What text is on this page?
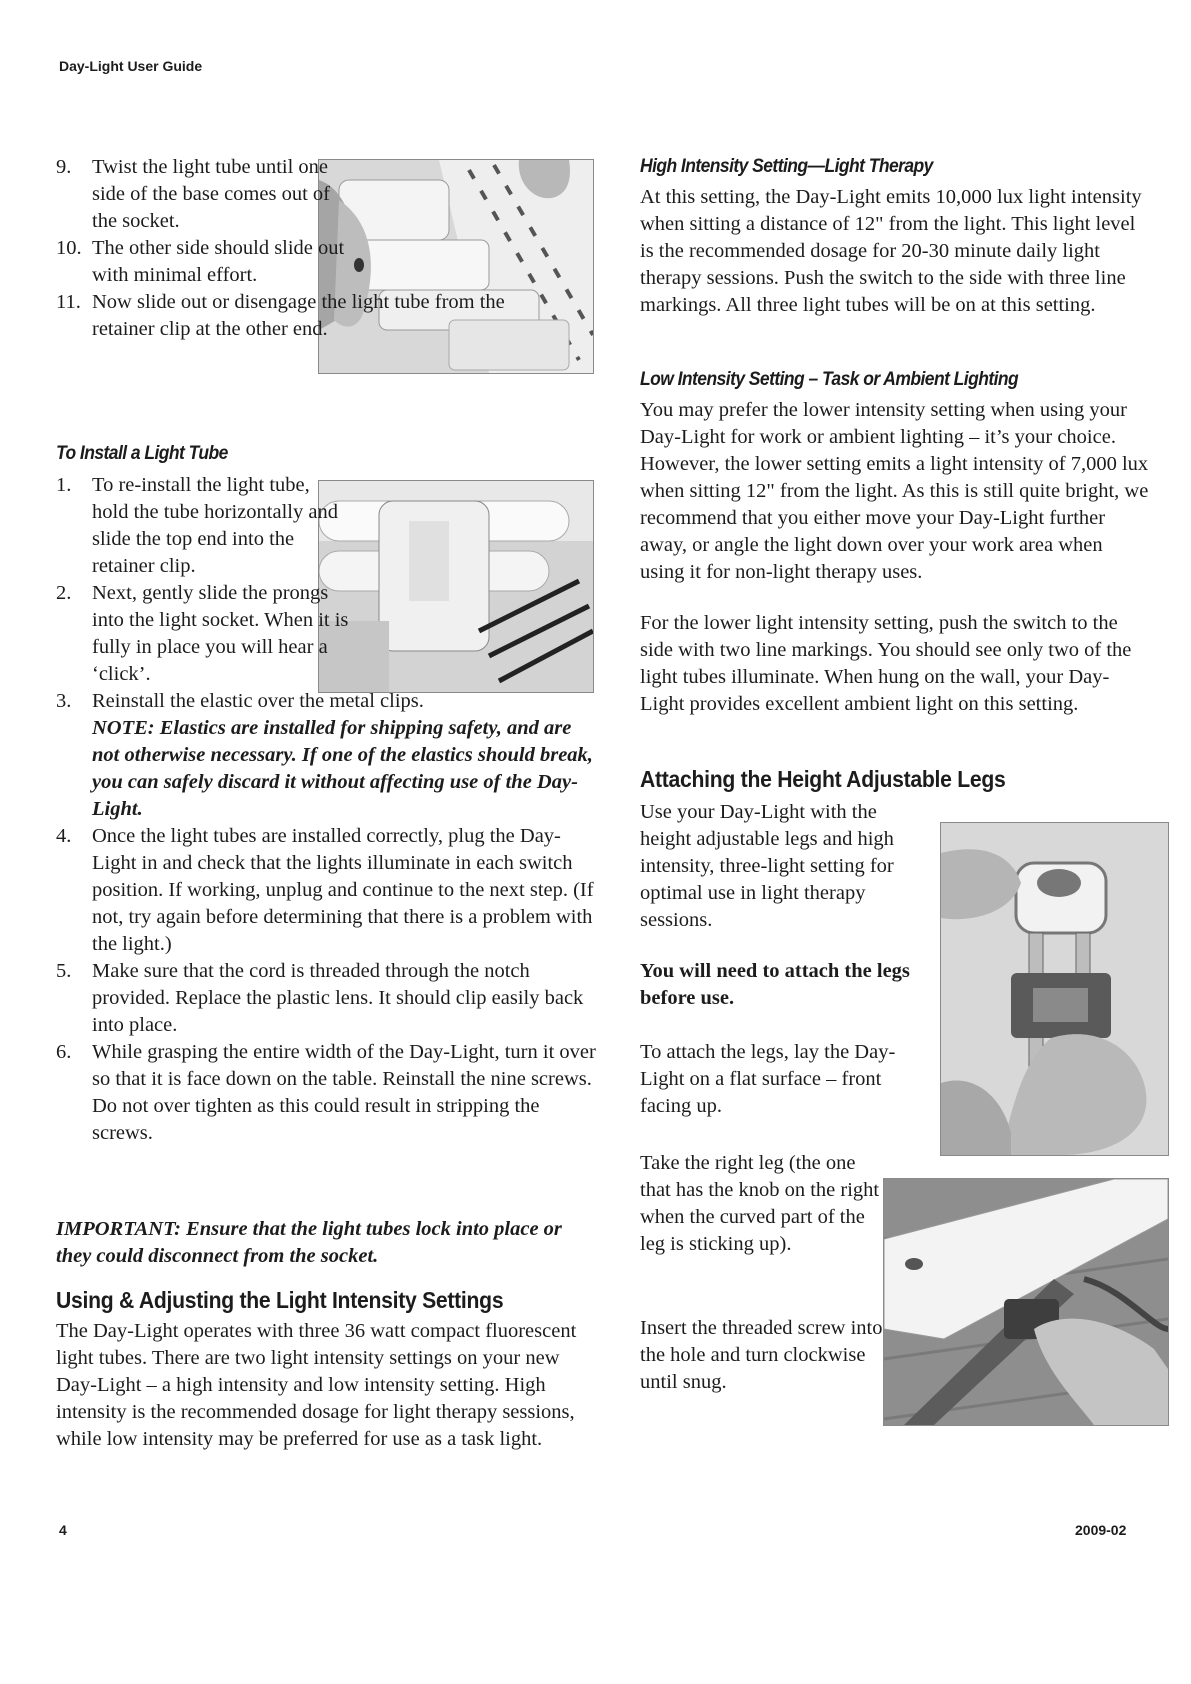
Day-Light User Guide
9. Twist the light tube until one side of the base comes out of the socket.
10. The other side should slide out with minimal effort.
11. Now slide out or disengage the light tube from the retainer clip at the other end.
To Install a Light Tube
1. To re-install the light tube, hold the tube horizontally and slide the top end into the retainer clip.
2. Next, gently slide the prongs into the light socket. When it is fully in place you will hear a ‘click’.
3. Reinstall the elastic over the metal clips.
NOTE: Elastics are installed for shipping safety, and are not otherwise necessary. If one of the elastics should break, you can safely discard it without affecting use of the Day-Light.
4. Once the light tubes are installed correctly, plug the Day-Light in and check that the lights illuminate in each switch position. If working, unplug and continue to the next step. (If not, try again before determining that there is a problem with the light.)
5. Make sure that the cord is threaded through the notch provided. Replace the plastic lens. It should clip easily back into place.
6. While grasping the entire width of the Day-Light, turn it over so that it is face down on the table. Reinstall the nine screws. Do not over tighten as this could result in stripping the screws.

IMPORTANT: Ensure that the light tubes lock into place or they could disconnect from the socket.

Using & Adjusting the Light Intensity Settings

The Day-Light operates with three 36 watt compact fluorescent light tubes. There are two light intensity settings on your new Day-Light – a high intensity and low intensity setting. High intensity is the recommended dosage for light therapy sessions, while low intensity may be preferred for use as a task light.

High Intensity Setting—Light Therapy

At this setting, the Day-Light emits 10,000 lux light intensity when sitting a distance of 12" from the light. This light level is the recommended dosage for 20-30 minute daily light therapy sessions. Push the switch to the side with three line markings. All three light tubes will be on at this setting.

Low Intensity Setting – Task or Ambient Lighting

You may prefer the lower intensity setting when using your Day-Light for work or ambient lighting – it’s your choice. However, the lower setting emits a light intensity of 7,000 lux when sitting 12" from the light. As this is still quite bright, we recommend that you either move your Day-Light further away, or angle the light down over your work area when using it for non-light therapy uses.

For the lower light intensity setting, push the switch to the side with two line markings. You should see only two of the light tubes illuminate. When hung on the wall, your Day-Light provides excellent ambient light on this setting.

Attaching the Height Adjustable Legs

Use your Day-Light with the height adjustable legs and high intensity, three-light setting for optimal use in light therapy sessions.

You will need to attach the legs before use.

To attach the legs, lay the Day-Light on a flat surface – front facing up.

Take the right leg (the one that has the knob on the right when the curved part of the leg is sticking up).

Insert the threaded screw into the hole and turn clockwise until snug.

4	2009-02
